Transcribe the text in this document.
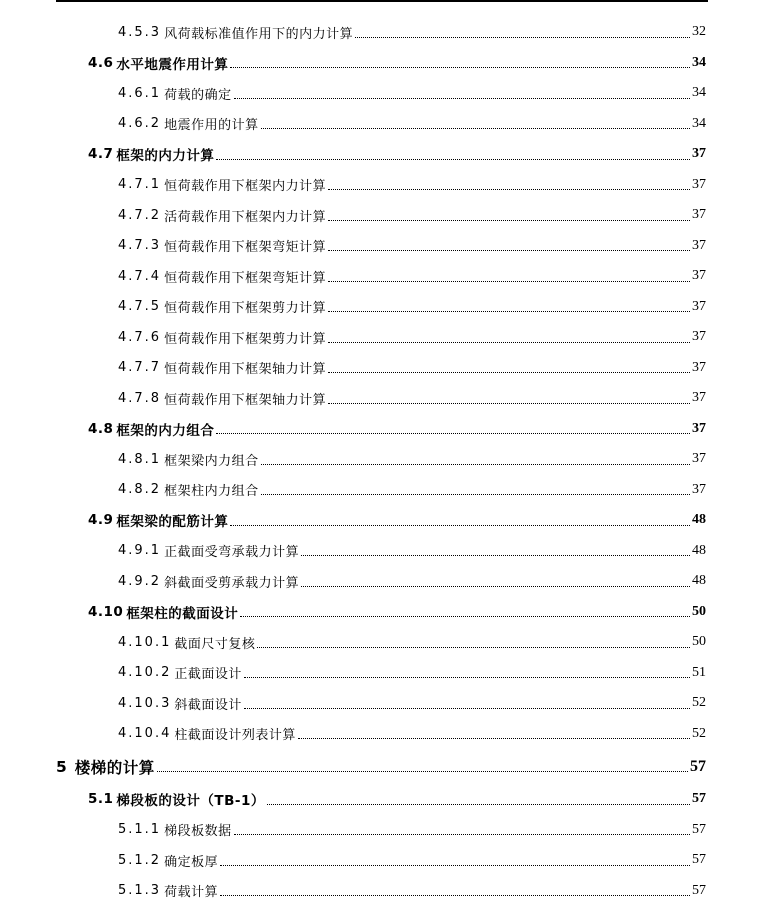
4.5.3 风荷载标准值作用下的内力计算	32
4.6 水平地震作用计算	34
4.6.1 荷载的确定	34
4.6.2 地震作用的计算	34
4.7 框架的内力计算	37
4.7.1 恒荷载作用下框架内力计算	37
4.7.2 活荷载作用下框架内力计算	37
4.7.3 恒荷载作用下框架弯矩计算	37
4.7.4 恒荷载作用下框架弯矩计算	37
4.7.5 恒荷载作用下框架剪力计算	37
4.7.6 恒荷载作用下框架剪力计算	37
4.7.7 恒荷载作用下框架轴力计算	37
4.7.8 恒荷载作用下框架轴力计算	37
4.8 框架的内力组合	37
4.8.1 框架梁内力组合	37
4.8.2 框架柱内力组合	37
4.9 框架梁的配筋计算	48
4.9.1 正截面受弯承载力计算	48
4.9.2 斜截面受剪承载力计算	48
4.10 框架柱的截面设计	50
4.10.1 截面尺寸复核	50
4.10.2 正截面设计	51
4.10.3 斜截面设计	52
4.10.4 柱截面设计列表计算	52
5 楼梯的计算	57
5.1 梯段板的设计（TB-1）	57
5.1.1 梯段板数据	57
5.1.2 确定板厚	57
5.1.3 荷载计算	57
